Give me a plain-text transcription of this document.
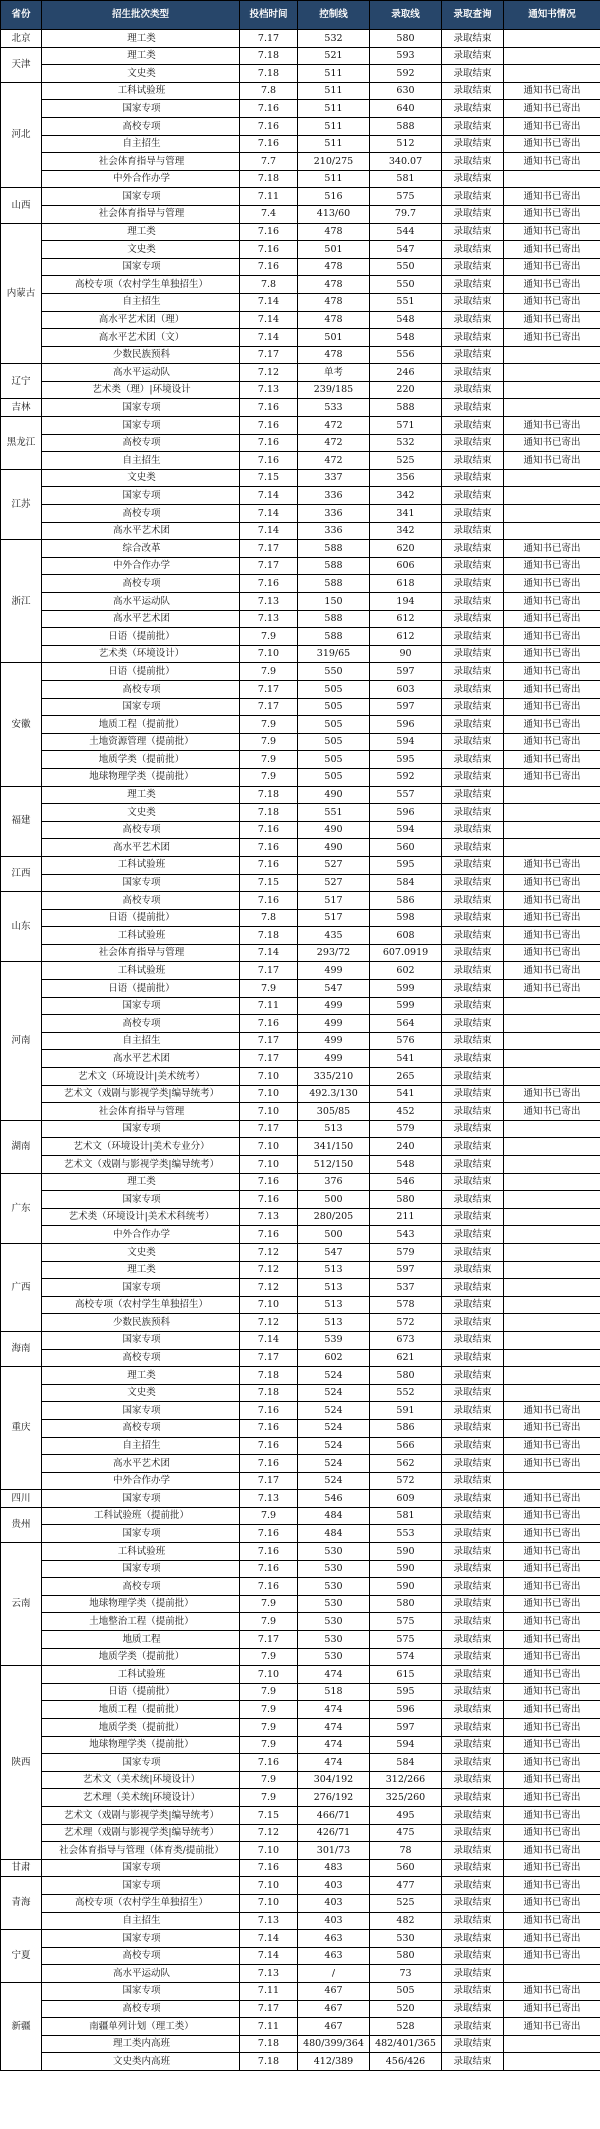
省份	招生批次类型	投档时间	控制线	录取线	录取查询	通知书情况
北京	理工类	7.17	532	580	录取结束	
天津	理工类	7.18	521	593	录取结束	
	文史类	7.18	511	592	录取结束	
河北	工科试验班	7.8	511	630	录取结束	通知书已寄出
	国家专项	7.16	511	640	录取结束	通知书已寄出
	高校专项	7.16	511	588	录取结束	通知书已寄出
	自主招生	7.16	511	512	录取结束	通知书已寄出
	社会体育指导与管理	7.7	210/275	340.07	录取结束	通知书已寄出
	中外合作办学	7.18	511	581	录取结束	
山西	国家专项	7.11	516	575	录取结束	通知书已寄出
	社会体育指导与管理	7.4	413/60	79.7	录取结束	通知书已寄出
内蒙古	理工类	7.16	478	544	录取结束	通知书已寄出
	文史类	7.16	501	547	录取结束	通知书已寄出
	国家专项	7.16	478	550	录取结束	通知书已寄出
	高校专项（农村学生单独招生）	7.8	478	550	录取结束	通知书已寄出
	自主招生	7.14	478	551	录取结束	通知书已寄出
	高水平艺术团（理）	7.14	478	548	录取结束	通知书已寄出
	高水平艺术团（文）	7.14	501	548	录取结束	通知书已寄出
	少数民族预科	7.17	478	556	录取结束	
辽宁	高水平运动队	7.12	单考	246	录取结束	
	艺术类（理）|环境设计	7.13	239/185	220	录取结束	
吉林	国家专项	7.16	533	588	录取结束	
黑龙江	国家专项	7.16	472	571	录取结束	通知书已寄出
	高校专项	7.16	472	532	录取结束	通知书已寄出
	自主招生	7.16	472	525	录取结束	通知书已寄出
江苏	文史类	7.15	337	356	录取结束	
	国家专项	7.14	336	342	录取结束	
	高校专项	7.14	336	341	录取结束	
	高水平艺术团	7.14	336	342	录取结束	
浙江	综合改革	7.17	588	620	录取结束	通知书已寄出
	中外合作办学	7.17	588	606	录取结束	通知书已寄出
	高校专项	7.16	588	618	录取结束	通知书已寄出
	高水平运动队	7.13	150	194	录取结束	通知书已寄出
	高水平艺术团	7.13	588	612	录取结束	通知书已寄出
	日语（提前批）	7.9	588	612	录取结束	通知书已寄出
	艺术类（环境设计）	7.10	319/65	90	录取结束	通知书已寄出
安徽	日语（提前批）	7.9	550	597	录取结束	通知书已寄出
	高校专项	7.17	505	603	录取结束	通知书已寄出
	国家专项	7.17	505	597	录取结束	通知书已寄出
	地质工程（提前批）	7.9	505	596	录取结束	通知书已寄出
	土地资源管理（提前批）	7.9	505	594	录取结束	通知书已寄出
	地质学类（提前批）	7.9	505	595	录取结束	通知书已寄出
	地球物理学类（提前批）	7.9	505	592	录取结束	通知书已寄出
福建	理工类	7.18	490	557	录取结束	
	文史类	7.18	551	596	录取结束	
	高校专项	7.16	490	594	录取结束	
	高水平艺术团	7.16	490	560	录取结束	
江西	工科试验班	7.16	527	595	录取结束	通知书已寄出
	国家专项	7.15	527	584	录取结束	通知书已寄出
山东	高校专项	7.16	517	586	录取结束	通知书已寄出
	日语（提前批）	7.8	517	598	录取结束	通知书已寄出
	工科试验班	7.18	435	608	录取结束	通知书已寄出
	社会体育指导与管理	7.14	293/72	607.0919	录取结束	通知书已寄出
河南	工科试验班	7.17	499	602	录取结束	通知书已寄出
	日语（提前批）	7.9	547	599	录取结束	通知书已寄出
	国家专项	7.11	499	599	录取结束	
	高校专项	7.16	499	564	录取结束	
	自主招生	7.17	499	576	录取结束	
	高水平艺术团	7.17	499	541	录取结束	
	艺术文（环境设计|美术统考）	7.10	335/210	265	录取结束	
	艺术文（戏剧与影视学类|编导统考）	7.10	492.3/130	541	录取结束	通知书已寄出
	社会体育指导与管理	7.10	305/85	452	录取结束	通知书已寄出
湖南	国家专项	7.17	513	579	录取结束	
	艺术文（环境设计|美术专业分）	7.10	341/150	240	录取结束	
	艺术文（戏剧与影视学类|编导统考）	7.10	512/150	548	录取结束	
广东	理工类	7.16	376	546	录取结束	
	国家专项	7.16	500	580	录取结束	
	艺术类（环境设计|美术术科统考）	7.13	280/205	211	录取结束	
	中外合作办学	7.16	500	543	录取结束	
广西	文史类	7.12	547	579	录取结束	
	理工类	7.12	513	597	录取结束	
	国家专项	7.12	513	537	录取结束	
	高校专项（农村学生单独招生）	7.10	513	578	录取结束	
	少数民族预科	7.12	513	572	录取结束	
海南	国家专项	7.14	539	673	录取结束	
	高校专项	7.17	602	621	录取结束	
重庆	理工类	7.18	524	580	录取结束	
	文史类	7.18	524	552	录取结束	
	国家专项	7.16	524	591	录取结束	通知书已寄出
	高校专项	7.16	524	586	录取结束	通知书已寄出
	自主招生	7.16	524	566	录取结束	通知书已寄出
	高水平艺术团	7.16	524	562	录取结束	通知书已寄出
	中外合作办学	7.17	524	572	录取结束	
四川	国家专项	7.13	546	609	录取结束	通知书已寄出
贵州	工科试验班（提前批）	7.9	484	581	录取结束	通知书已寄出
	国家专项	7.16	484	553	录取结束	通知书已寄出
云南	工科试验班	7.16	530	590	录取结束	通知书已寄出
	国家专项	7.16	530	590	录取结束	通知书已寄出
	高校专项	7.16	530	590	录取结束	通知书已寄出
	地球物理学类（提前批）	7.9	530	580	录取结束	通知书已寄出
	土地整治工程（提前批）	7.9	530	575	录取结束	通知书已寄出
	地质工程	7.17	530	575	录取结束	通知书已寄出
	地质学类（提前批）	7.9	530	574	录取结束	通知书已寄出
陕西	工科试验班	7.10	474	615	录取结束	通知书已寄出
	日语（提前批）	7.9	518	595	录取结束	通知书已寄出
	地质工程（提前批）	7.9	474	596	录取结束	通知书已寄出
	地质学类（提前批）	7.9	474	597	录取结束	通知书已寄出
	地球物理学类（提前批）	7.9	474	594	录取结束	通知书已寄出
	国家专项	7.16	474	584	录取结束	通知书已寄出
	艺术文（美术统|环境设计）	7.9	304/192	312/266	录取结束	通知书已寄出
	艺术理（美术统|环境设计）	7.9	276/192	325/260	录取结束	通知书已寄出
	艺术文（戏剧与影视学类|编导统考）	7.15	466/71	495	录取结束	通知书已寄出
	艺术理（戏剧与影视学类|编导统考）	7.12	426/71	475	录取结束	通知书已寄出
	社会体育指导与管理（体育类/提前批）	7.10	301/73	78	录取结束	通知书已寄出
甘肃	国家专项	7.16	483	560	录取结束	通知书已寄出
青海	国家专项	7.10	403	477	录取结束	通知书已寄出
	高校专项（农村学生单独招生）	7.10	403	525	录取结束	通知书已寄出
	自主招生	7.13	403	482	录取结束	通知书已寄出
宁夏	国家专项	7.14	463	530	录取结束	通知书已寄出
	高校专项	7.14	463	580	录取结束	通知书已寄出
	高水平运动队	7.13	/	73	录取结束	
新疆	国家专项	7.11	467	505	录取结束	通知书已寄出
	高校专项	7.17	467	520	录取结束	通知书已寄出
	南疆单列计划（理工类）	7.11	467	528	录取结束	通知书已寄出
	理工类内高班	7.18	480/399/364	482/401/365	录取结束	
	文史类内高班	7.18	412/389	456/426	录取结束	
